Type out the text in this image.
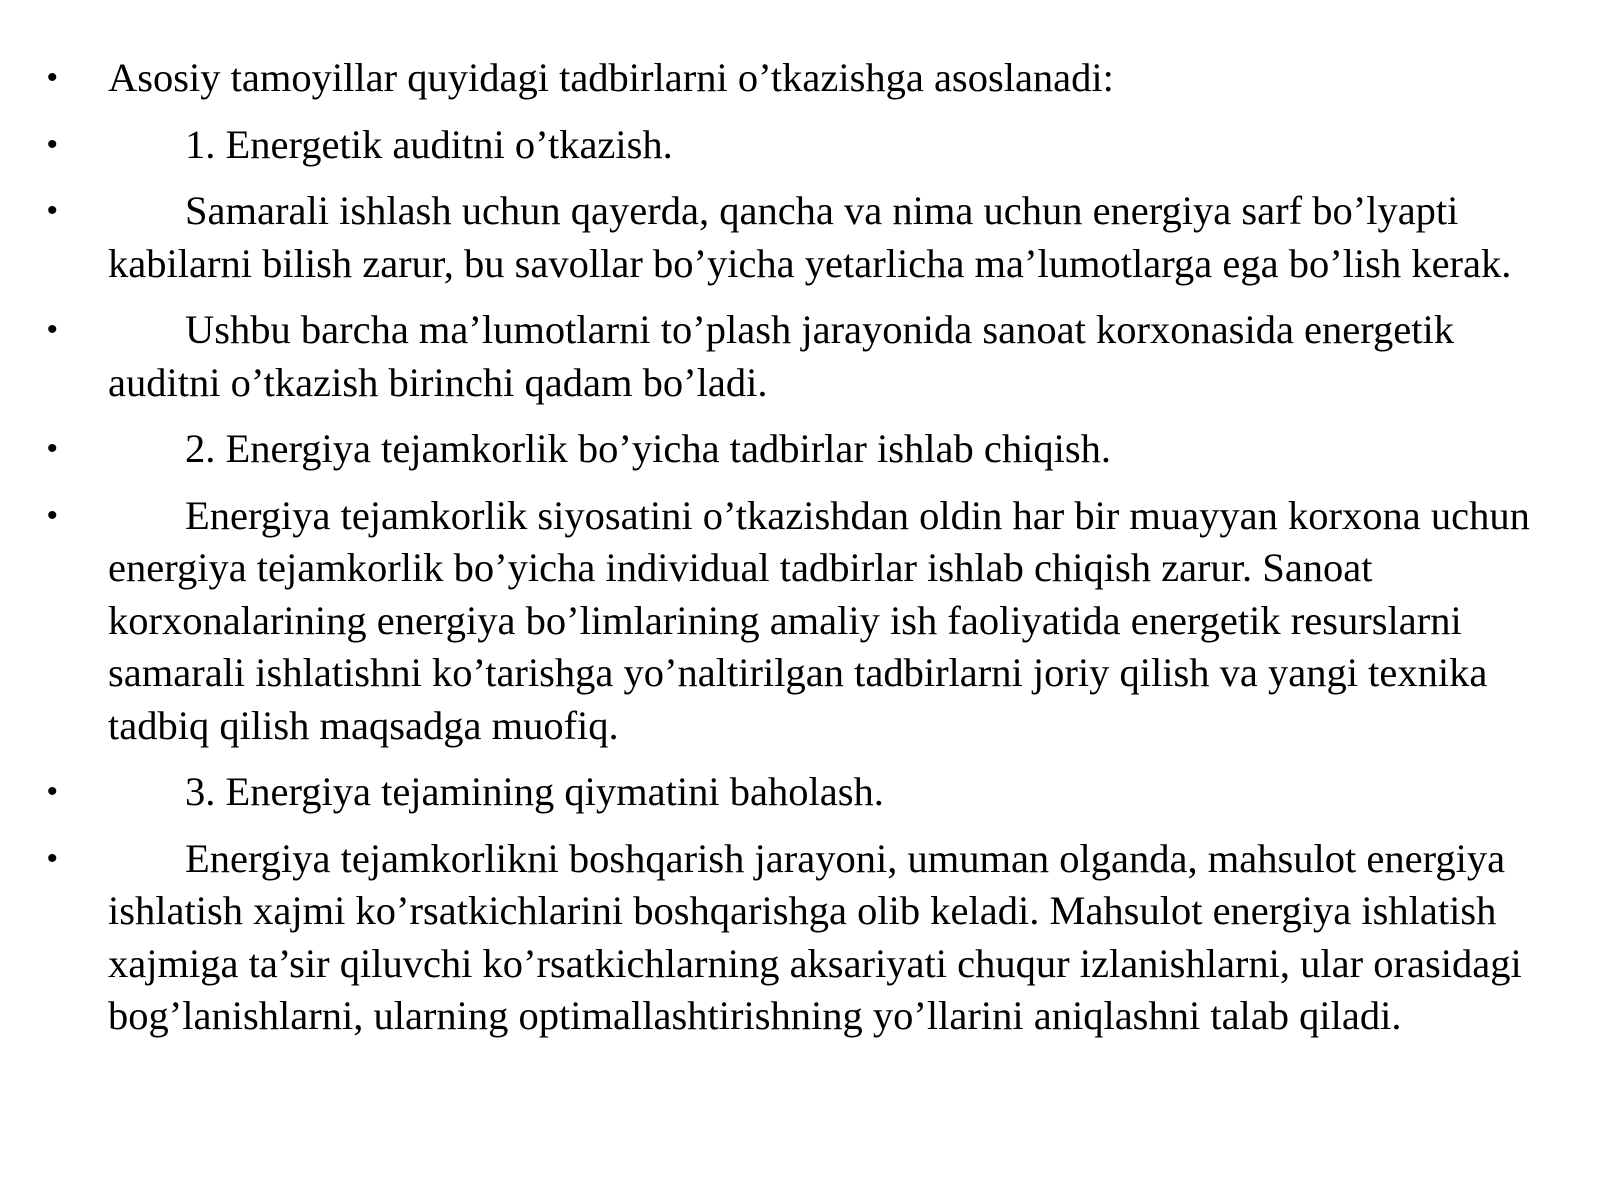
• Asosiy tamoyillar quyidagi tadbirlarni o’tkazishga asoslanadi:
•	1. Energetik auditni o’tkazish.
•	Samarali ishlash uchun qayerda, qancha va nima uchun energiya sarf bo’lyapti kabilarni bilish zarur, bu savollar bo’yicha yetarlicha ma’lumotlarga ega bo’lish kerak.
•	Ushbu barcha ma’lumotlarni to’plash jarayonida sanoat korxonasida energetik auditni o’tkazish birinchi qadam bo’ladi.
•	2. Energiya tejamkorlik bo’yicha tadbirlar ishlab chiqish.
•	Energiya tejamkorlik siyosatini o’tkazishdan oldin har bir muayyan korxona uchun energiya tejamkorlik bo’yicha individual tadbirlar ishlab chiqish zarur. Sanoat korxonalarining energiya bo’limlarining amaliy ish faoliyatida energetik resurslarni samarali ishlatishni ko’tarishga yo’naltirilgan tadbirlarni joriy qilish va yangi texnika tadbiq qilish maqsadga muofiq.
•	3. Energiya tejamining qiymatini baholash.
•	Energiya tejamkorlikni boshqarish jarayoni, umuman olganda, mahsulot energiya ishlatish xajmi ko’rsatkichlarini boshqarishga olib keladi. Mahsulot energiya ishlatish xajmiga ta’sir qiluvchi ko’rsatkichlarning aksariyati chuqur izlanishlarni, ular orasidagi bog’lanishlarni, ularning optimallashtirishning yo’llarini aniqlashni talab qiladi.
